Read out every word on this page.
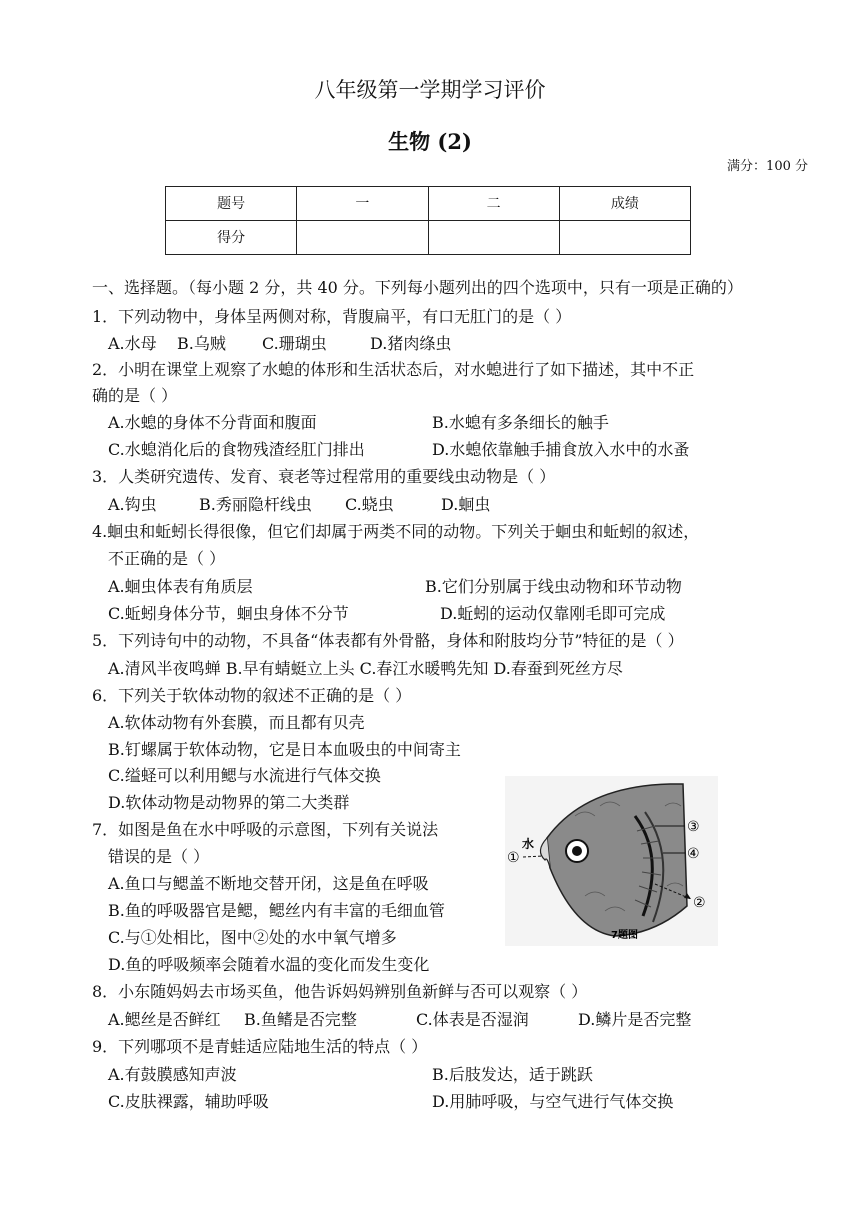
八年级第一学期学习评价
生物 (2)
满分：100 分
题号	一	二	成绩
得分			
一、选择题。（每小题 2 分，共 40 分。下列每小题列出的四个选项中，只有一项是正确的）
1．下列动物中，身体呈两侧对称，背腹扁平，有口无肛门的是（ ）
A.水母 B.乌贼 C.珊瑚虫	D.猪肉绦虫
2．小明在课堂上观察了水螅的体形和生活状态后，对水螅进行了如下描述，其中不正
确的是（ ）
A.水螅的身体不分背面和腹面	B.水螅有多条细长的触手
C.水螅消化后的食物残渣经肛门排出	D.水螅依靠触手捕食放入水中的水蚤
3．人类研究遗传、发育、衰老等过程常用的重要线虫动物是（ ）
A.钩虫	B.秀丽隐杆线虫 C.蛲虫	D.蛔虫
4.蛔虫和蚯蚓长得很像，但它们却属于两类不同的动物。下列关于蛔虫和蚯蚓的叙述，
不正确的是（ ）
A.蛔虫体表有角质层	B.它们分别属于线虫动物和环节动物
C.蚯蚓身体分节，蛔虫身体不分节	D.蚯蚓的运动仅靠刚毛即可完成
5．下列诗句中的动物，不具备“体表都有外骨骼，身体和附肢均分节”特征的是（ ）
A.清风半夜鸣蝉 B.早有蜻蜓立上头 C.春江水暖鸭先知 D.春蚕到死丝方尽
6．下列关于软体动物的叙述不正确的是（ ）
A.软体动物有外套膜，而且都有贝壳
B.钉螺属于软体动物，它是日本血吸虫的中间寄主
C.缢蛏可以利用鳃与水流进行气体交换
D.软体动物是动物界的第二大类群
7．如图是鱼在水中呼吸的示意图，下列有关说法
错误的是（ ）
A.鱼口与鳃盖不断地交替开闭，这是鱼在呼吸
B.鱼的呼吸器官是鳃，鳃丝内有丰富的毛细血管
C.与①处相比，图中②处的水中氧气增多
D.鱼的呼吸频率会随着水温的变化而发生变化
水
①
③
④
②
7题图
8．小东随妈妈去市场买鱼，他告诉妈妈辨别鱼新鲜与否可以观察（ ）
A.鳃丝是否鲜红 B.鱼鳍是否完整	C.体表是否湿润	D.鳞片是否完整
9．下列哪项不是青蛙适应陆地生活的特点（ ）
A.有鼓膜感知声波	B.后肢发达，适于跳跃
C.皮肤裸露，辅助呼吸	D.用肺呼吸，与空气进行气体交换
